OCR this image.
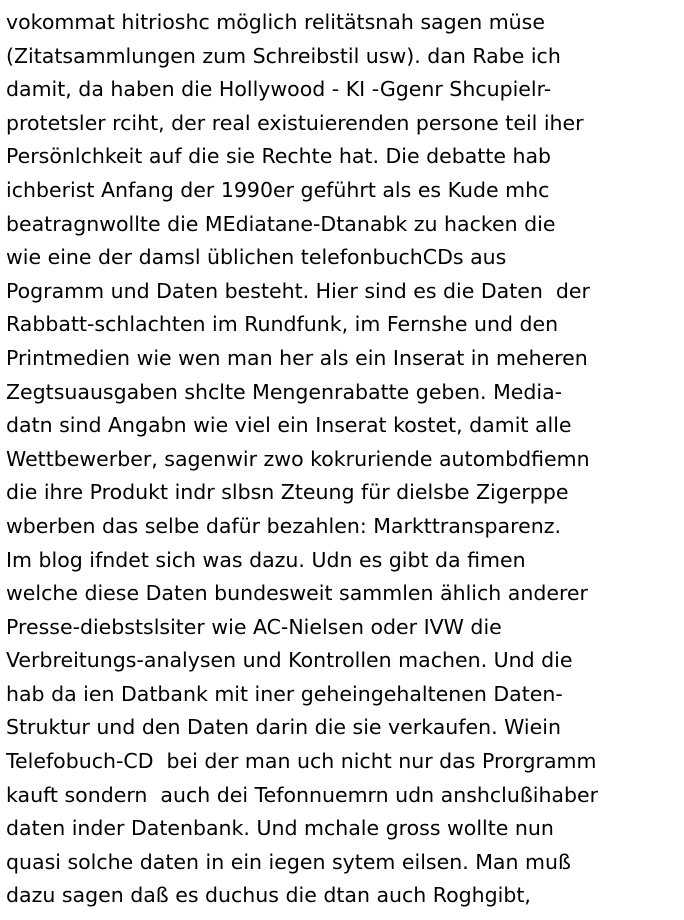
vokommat hitrioshc möglich relitätsnah sagen müse
(Zitatsammlungen zum Schreibstil usw). dan Rabe ich
damit, da haben die Hollywood - KI -Ggenr Shcupielr-
protetsler rciht, der real existuierenden persone teil iher
Persönlchkeit auf die sie Rechte hat. Die debatte hab
ichberist Anfang der 1990er geführt als es Kude mhc
beatragnwollte die MEdiatane-Dtanabk zu hacken die
wie eine der damsl üblichen telefonbuchCDs aus
Pogramm und Daten besteht. Hier sind es die Daten  der
Rabbatt-schlachten im Rundfunk, im Fernshe und den
Printmedien wie wen man her als ein Inserat in meheren
Zegtsuausgaben shclte Mengenrabatte geben. Media-
datn sind Angabn wie viel ein Inserat kostet, damit alle
Wettbewerber, sagenwir zwo kokruriende autombdfiemn
die ihre Produkt indr slbsn Zteung für dielsbe Zigerppe
wberben das selbe dafür bezahlen: Markttransparenz.
Im blog ifndet sich was dazu. Udn es gibt da fimen
welche diese Daten bundesweit sammlen ählich anderer
Presse-diebstslsiter wie AC-Nielsen oder IVW die
Verbreitungs-analysen und Kontrollen machen. Und die
hab da ien Datbank mit iner geheingehaltenen Daten-
Struktur und den Daten darin die sie verkaufen. Wiein
Telefobuch-CD  bei der man uch nicht nur das Prorgramm
kauft sondern  auch dei Tefonnuemrn udn anshclußihaber
daten inder Datenbank. Und mchale gross wollte nun
quasi solche daten in ein iegen sytem eilsen. Man muß
dazu sagen daß es duchus die dtan auch Roghgibt,
